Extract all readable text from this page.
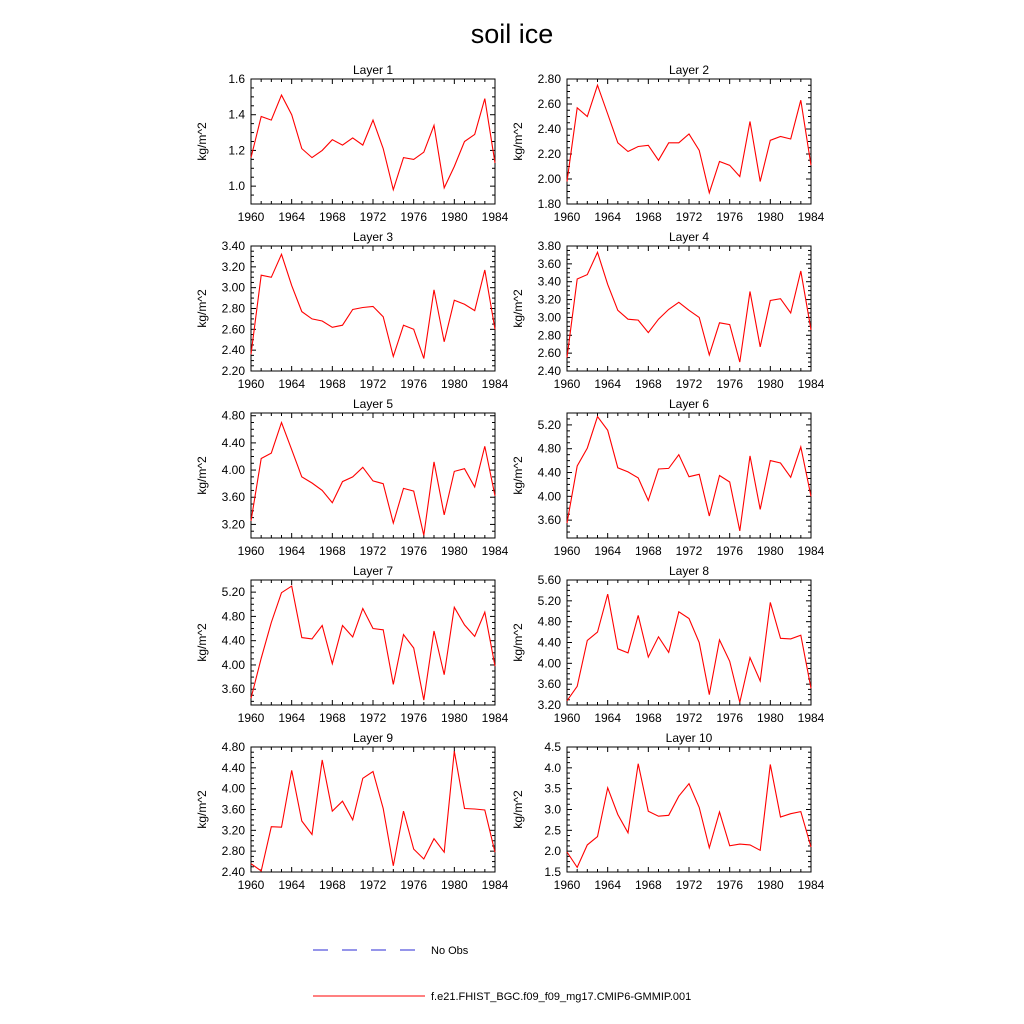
soil ice
Layer 1
1960 1964 1968 1972 1976 1980 1984
1.0
1.2
1.4
1.6
kg/m^2
Layer 2
1960 1964 1968 1972 1976 1980 1984
1.80
2.00
2.20
2.40
2.60
2.80
kg/m^2
Layer 3
1960 1964 1968 1972 1976 1980 1984
2.20
2.40
2.60
2.80
3.00
3.20
3.40
kg/m^2
Layer 4
1960 1964 1968 1972 1976 1980 1984
2.40
2.60
2.80
3.00
3.20
3.40
3.60
3.80
kg/m^2
Layer 5
1960 1964 1968 1972 1976 1980 1984
3.20
3.60
4.00
4.40
4.80
kg/m^2
Layer 6
1960 1964 1968 1972 1976 1980 1984
3.60
4.00
4.40
4.80
5.20
kg/m^2
Layer 7
1960 1964 1968 1972 1976 1980 1984
3.60
4.00
4.40
4.80
5.20
kg/m^2
Layer 8
1960 1964 1968 1972 1976 1980 1984
3.20
3.60
4.00
4.40
4.80
5.20
5.60
kg/m^2
Layer 9
1960 1964 1968 1972 1976 1980 1984
2.40
2.80
3.20
3.60
4.00
4.40
4.80
kg/m^2
Layer 10
1960 1964 1968 1972 1976 1980 1984
1.5
2.0
2.5
3.0
3.5
4.0
4.5
kg/m^2
No Obs
f.e21.FHIST_BGC.f09_f09_mg17.CMIP6-GMMIP.001
